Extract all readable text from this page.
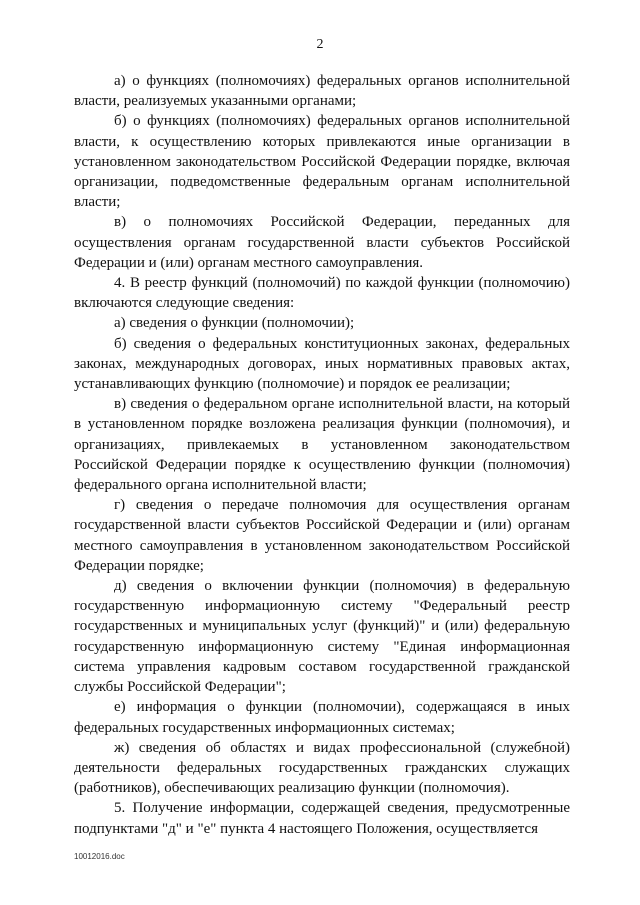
2

а) о функциях (полномочиях) федеральных органов исполнительной власти, реализуемых указанными органами;

б) о функциях (полномочиях) федеральных органов исполнительной власти, к осуществлению которых привлекаются иные организации в установленном законодательством Российской Федерации порядке, включая организации, подведомственные федеральным органам исполнительной власти;

в) о полномочиях Российской Федерации, переданных для осуществления органам государственной власти субъектов Российской Федерации и (или) органам местного самоуправления.

4. В реестр функций (полномочий) по каждой функции (полномочию) включаются следующие сведения:

а) сведения о функции (полномочии);

б) сведения о федеральных конституционных законах, федеральных законах, международных договорах, иных нормативных правовых актах, устанавливающих функцию (полномочие) и порядок ее реализации;

в) сведения о федеральном органе исполнительной власти, на который в установленном порядке возложена реализация функции (полномочия), и организациях, привлекаемых в установленном законодательством Российской Федерации порядке к осуществлению функции (полномочия) федерального органа исполнительной власти;

г) сведения о передаче полномочия для осуществления органам государственной власти субъектов Российской Федерации и (или) органам местного самоуправления в установленном законодательством Российской Федерации порядке;

д) сведения о включении функции (полномочия) в федеральную государственную информационную систему "Федеральный реестр государственных и муниципальных услуг (функций)" и (или) федеральную государственную информационную систему "Единая информационная система управления кадровым составом государственной гражданской службы Российской Федерации";

е) информация о функции (полномочии), содержащаяся в иных федеральных государственных информационных системах;

ж) сведения об областях и видах профессиональной (служебной) деятельности федеральных государственных гражданских служащих (работников), обеспечивающих реализацию функции (полномочия).

5. Получение информации, содержащей сведения, предусмотренные подпунктами "д" и "е" пункта 4 настоящего Положения, осуществляется

10012016.doc
